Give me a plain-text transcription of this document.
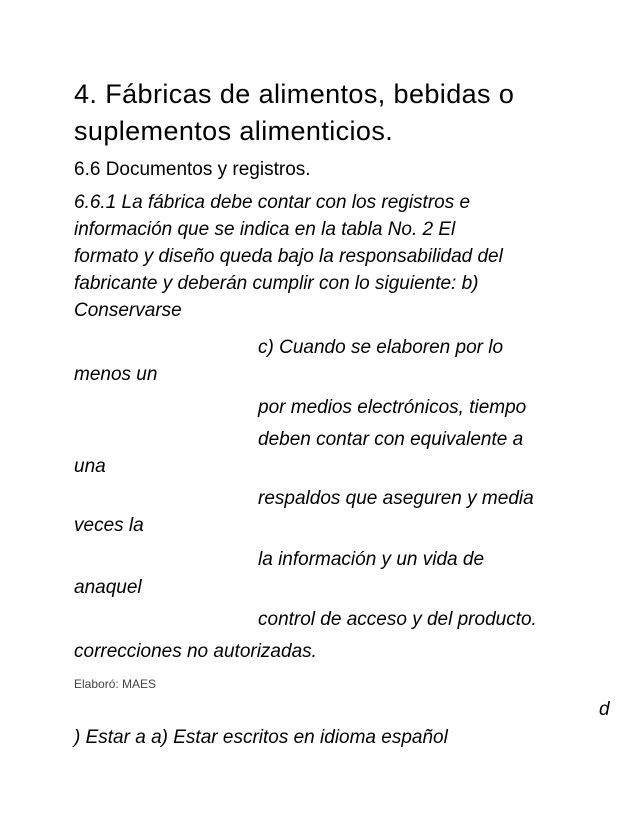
4. Fábricas de alimentos, bebidas o
suplementos alimenticios.
6.6 Documentos y registros.
6.6.1 La fábrica debe contar con los registros e
información que se indica en la tabla No. 2 El
formato y diseño queda bajo la responsabilidad del
fabricante y deberán cumplir con lo siguiente: b)
Conservarse
c) Cuando se elaboren por lo
menos un
por medios electrónicos, tiempo
deben contar con equivalente a
una
respaldos que aseguren y media
veces la
la información y un vida de
anaquel
control de acceso y del producto.
correcciones no autorizadas.
Elaboró: MAES
d
) Estar a a) Estar escritos en idioma español
